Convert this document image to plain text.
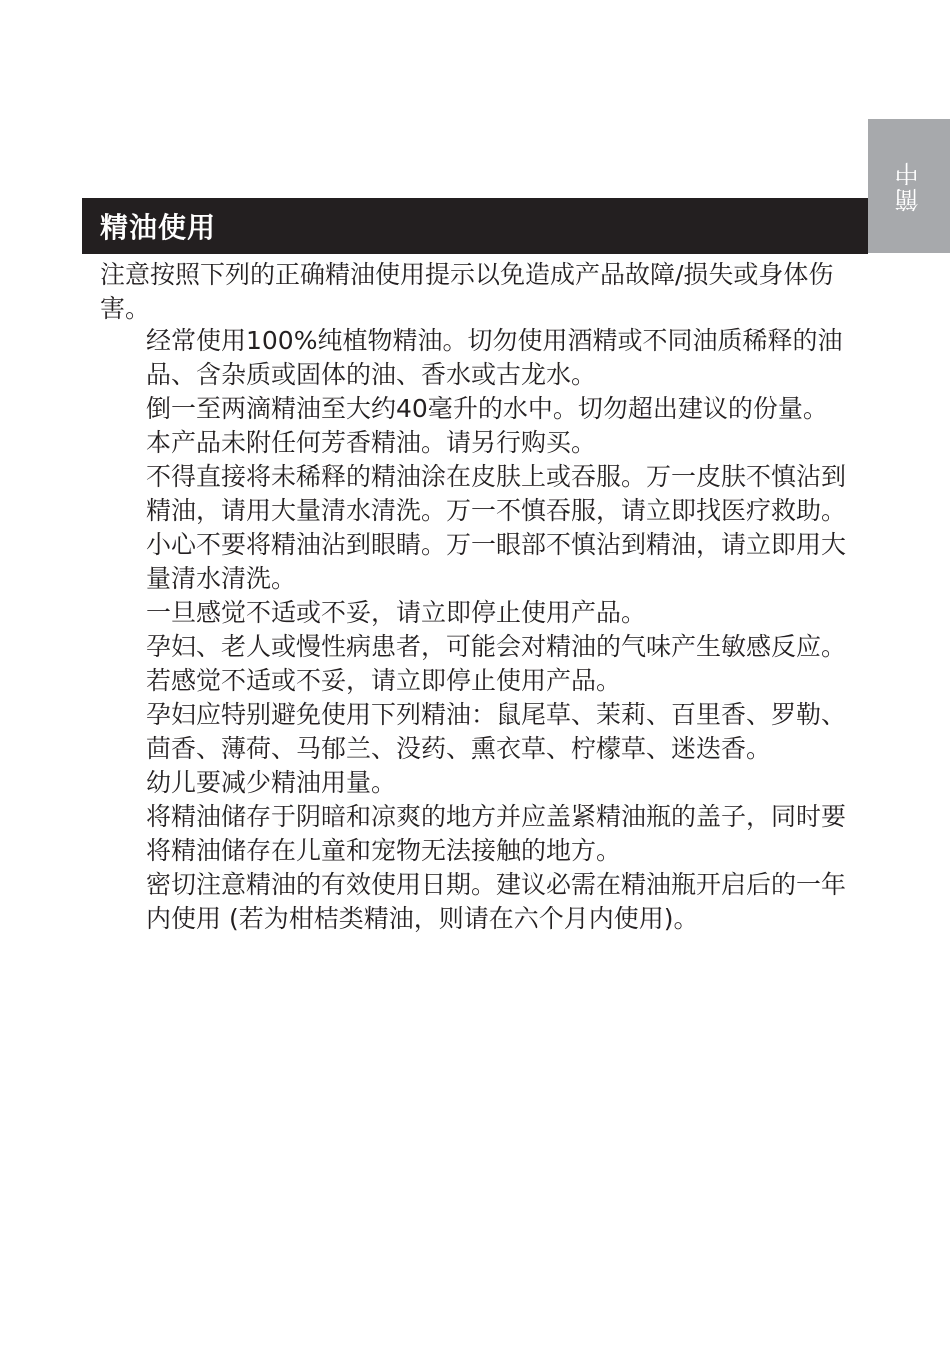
簡中
精油使用

注意按照下列的正确精油使用提示以免造成产品故障/损失或身体伤害。

经常使用100%纯植物精油。切勿使用酒精或不同油质稀释的油品、含杂质或固体的油、香水或古龙水。
倒一至两滴精油至大约40毫升的水中。切勿超出建议的份量。
本产品未附任何芳香精油。请另行购买。
不得直接将未稀释的精油涂在皮肤上或吞服。万一皮肤不慎沾到精油，请用大量清水清洗。万一不慎吞服，请立即找医疗救助。
小心不要将精油沾到眼睛。万一眼部不慎沾到精油，请立即用大量清水清洗。
一旦感觉不适或不妥，请立即停止使用产品。
孕妇、老人或慢性病患者，可能会对精油的气味产生敏感反应。若感觉不适或不妥，请立即停止使用产品。
孕妇应特别避免使用下列精油：鼠尾草、茉莉、百里香、罗勒、茴香、薄荷、马郁兰、没药、熏衣草、柠檬草、迷迭香。
幼儿要减少精油用量。
将精油储存于阴暗和凉爽的地方并应盖紧精油瓶的盖子，同时要将精油储存在儿童和宠物无法接触的地方。
密切注意精油的有效使用日期。建议必需在精油瓶开启后的一年内使用 (若为柑桔类精油，则请在六个月内使用)。
